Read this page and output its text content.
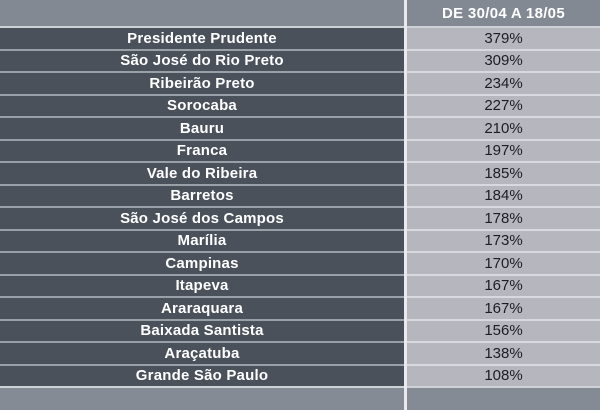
DE 30/04 A 18/05
Presidente Prudente	379%
São José do Rio Preto	309%
Ribeirão Preto	234%
Sorocaba	227%
Bauru	210%
Franca	197%
Vale do Ribeira	185%
Barretos	184%
São José dos Campos	178%
Marília	173%
Campinas	170%
Itapeva	167%
Araraquara	167%
Baixada Santista	156%
Araçatuba	138%
Grande São Paulo	108%
